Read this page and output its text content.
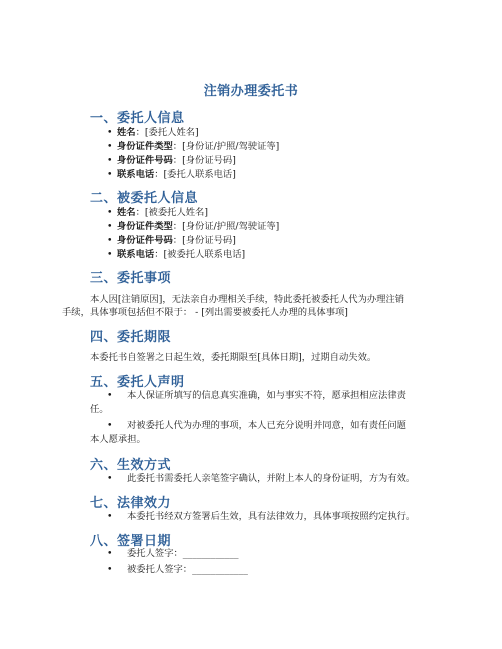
注销办理委托书
一、委托人信息
• 姓名：[委托人姓名]
• 身份证件类型：[身份证/护照/驾驶证等]
• 身份证件号码：[身份证号码]
• 联系电话：[委托人联系电话]
二、被委托人信息
• 姓名：[被委托人姓名]
• 身份证件类型：[身份证/护照/驾驶证等]
• 身份证件号码：[身份证号码]
• 联系电话：[被委托人联系电话]
三、委托事项
本人因[注销原因]，无法亲自办理相关手续，特此委托被委托人代为办理注销
手续，具体事项包括但不限于： - [列出需要被委托人办理的具体事项]
四、委托期限
本委托书自签署之日起生效，委托期限至[具体日期]，过期自动失效。
五、委托人声明
• 本人保证所填写的信息真实准确，如与事实不符，愿承担相应法律责
任。
• 对被委托人代为办理的事项，本人已充分说明并同意，如有责任问题
本人愿承担。
六、生效方式
• 此委托书需委托人亲笔签字确认，并附上本人的身份证明，方为有效。
七、法律效力
• 本委托书经双方签署后生效，具有法律效力，具体事项按照约定执行。
八、签署日期
• 委托人签字：____________
• 被委托人签字：____________
